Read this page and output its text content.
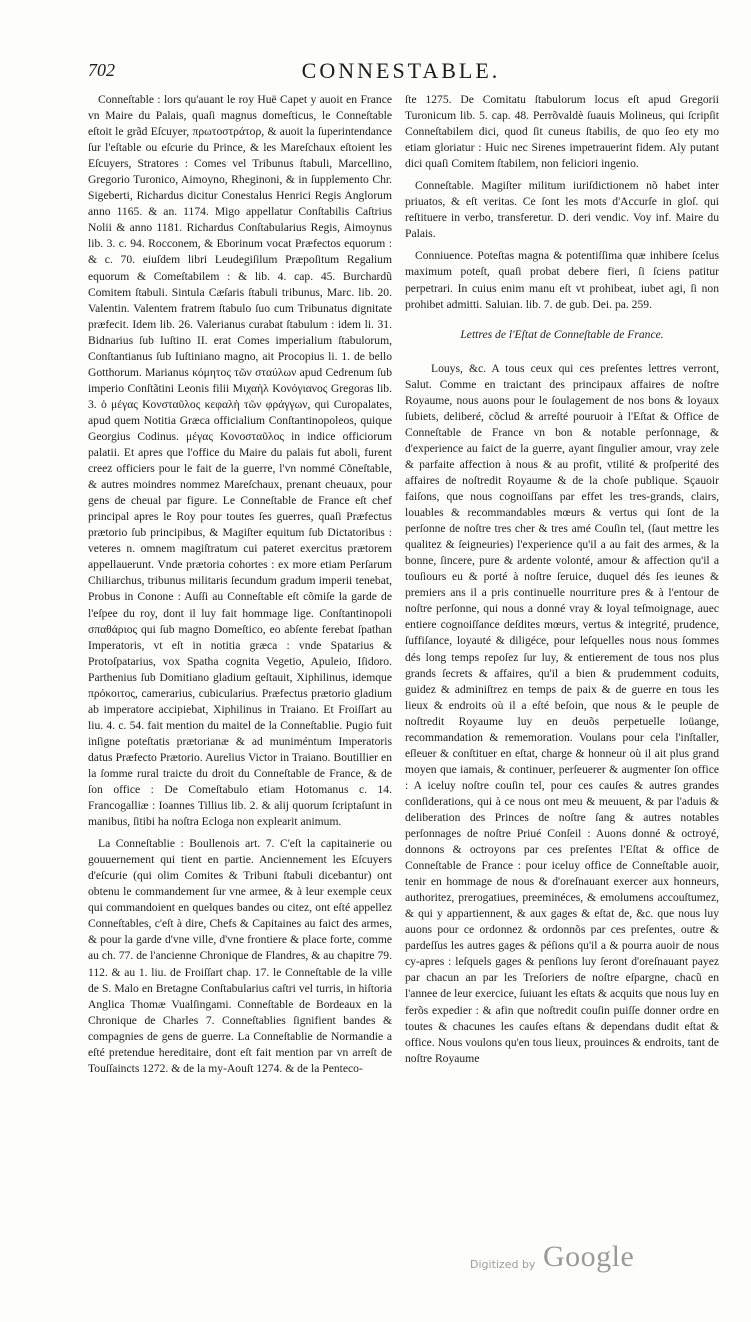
702	CONNESTABLE.

Conneſtable : lors qu'auant le roy Huë Capet y auoit en France vn Maire du Palais, quaſi magnus domeſticus, le Conneſtable eſtoit le grãd Eſcuyer, πρωτοστράτορ, & auoit la ſuperintendance ſur l'eſtable ou eſcurie du Prince, & les Mareſchaux eſtoient les Eſcuyers, Stratores : Comes vel Tribunus ſtabuli, Marcellino, Gregorio Turonico, Aimoyno, Rheginoni, & in ſupplemento Chr. Sigeberti, Richardus dicitur Conestalus Henrici Regis Anglorum anno 1165. & an. 1174. Migo appellatur Conſtabilis Caſtrius Nolii & anno 1181. Richardus Conſtabularius Regis, Aimoynus lib. 3. c. 94. Rocconem, & Eborinum vocat Præfectos equorum : & c. 70. eiuſdem libri Leudegiſilum Præpoſitum Regalium equorum & Comeſtabilem : & lib. 4. cap. 45. Burchardũ Comitem ſtabuli. Sintula Cæſaris ſtabuli tribunus, Marc. lib. 20. Valentin. Valentem fratrem ſtabulo ſuo cum Tribunatus dignitate præfecit. Idem lib. 26. Valerianus curabat ſtabulum : idem li. 31. Bidnarius ſub Iuſtino II. erat Comes imperialium ſtabulorum, Conſtantianus ſub Iuſtiniano magno, ait Procopius li. 1. de bello Gotthorum. Marianus κόμητος τῶν σταύλων apud Cedrenum ſub imperio Conſtãtini Leonis filii Μιχαὴλ Κονόγιανος Gregoras lib. 3. ὁ μέγας Κονσταῦλος κεφαλὴ τῶν φράγγων, qui Curopalates, apud quem Notitia Græca officialium Conſtantinopoleos, quique Georgius Codinus. μέγας Κονοσταῦλος in indice officiorum palatii. Et apres que l'office du Maire du palais fut aboli, furent creez officiers pour le fait de la guerre, l'vn nommé Cõneſtable, & autres moindres nommez Mareſchaux, prenant cheuaux, pour gens de cheual par figure. Le Conneſtable de France eſt chef principal apres le Roy pour toutes ſes guerres, quaſi Præfectus prætorio ſub principibus, & Magiſter equitum ſub Dictatoribus : veteres n. omnem magiſtratum cui pateret exercitus prætorem appellauerunt. Vnde prætoria cohortes : ex more etiam Perſarum Chiliarchus, tribunus militaris ſecundum gradum imperii tenebat, Probus in Conone : Auſſi au Conneſtable eſt cõmiſe la garde de l'eſpee du roy, dont il luy fait hommage lige. Conſtantinopoli σπαθάριος qui ſub magno Domeſtico, eo abſente ferebat ſpathan Imperatoris, vt eſt in notitia græca : vnde Spatarius & Protoſpatarius, vox Spatha cognita Vegetio, Apuleio, Iſidoro. Parthenius ſub Domitiano gladium geſtauit, Xiphilinus, idemque πρόκοιτος, camerarius, cubicularius. Præfectus prætorio gladium ab imperatore accipiebat, Xiphilinus in Traiano. Et Froiſſart au liu. 4. c. 54. fait mention du maitel de la Conneſtablie. Pugio fuit inſigne poteſtatis prætorianæ & ad muniméntum Imperatoris datus Præfecto Prætorio. Aurelius Victor in Traiano. Boutillier en la ſomme rural traicte du droit du Conneſtable de France, & de ſon office : De Comeſtabulo etiam Hotomanus c. 14. Francogalliæ : Ioannes Tillius lib. 2. & alij quorum ſcriptaſunt in manibus, ſitibi ha noſtra Ecloga non explearit animum.

La Conneſtablie : Boullenois art. 7. C'eſt la capitainerie ou gouuernement qui tient en partie. Anciennement les Eſcuyers d'eſcurie (qui olim Comites & Tribuni ſtabuli dicebantur) ont obtenu le commandement ſur vne armee, & à leur exemple ceux qui commandoient en quelques bandes ou citez, ont eſté appellez Conneſtables, c'eſt à dire, Chefs & Capitaines au faict des armes, & pour la garde d'vne ville, d'vne frontiere & place forte, comme au ch. 77. de l'ancienne Chronique de Flandres, & au chapitre 79. 112. & au 1. liu. de Froiſſart chap. 17. le Conneſtable de la ville de S. Malo en Bretagne Conſtabularius caſtri vel turris, in hiſtoria Anglica Thomæ Vualſingami. Conneſtable de Bordeaux en la Chronique de Charles 7. Conneſtablies ſignifient bandes & compagnies de gens de guerre. La Conneſtablie de Normandie a eſté pretendue hereditaire, dont eſt fait mention par vn arreſt de Touſſaincts 1272. & de la my-Aouſt 1274. & de la Penteco-

ſte 1275. De Comitatu ſtabulorum locus eſt apud Gregorii Turonicum lib. 5. cap. 48. Perrõvaldè ſuauis Molineus, qui ſcripſit Conneſtabilem dici, quod ſit cuneus ſtabilis, de quo ſeo ety mo etiam gloriatur : Huic nec Sirenes impetrauerint fidem. Aly putant dici quaſi Comitem ſtabilem, non feliciori ingenio.

Conneſtable. Magiſter militum iuriſdictionem nõ habet inter priuatos, & eſt veritas. Ce ſont les mots d'Accurſe in gloſ. qui reſtituere in verbo, transferetur. D. deri vendic. Voy inf. Maire du Palais.

Conniuence. Poteſtas magna & potentiſſima quæ inhibere ſcelus maximum poteſt, quaſi probat debere fieri, ſi ſciens patitur perpetrari. In cuius enim manu eſt vt prohibeat, iubet agi, ſi non prohibet admitti. Saluian. lib. 7. de gub. Dei. pa. 259.

Lettres de l'Eſtat de Conneſtable de France.

Louys, &c. A tous ceux qui ces preſentes lettres verront, Salut. Comme en traictant des principaux affaires de noſtre Royaume, nous auons pour le ſoulagement de nos bons & loyaux ſubiets, deliberé, cõclud & arreſté pouruoir à l'Eſtat & Office de Conneſtable de France vn bon & notable perſonnage, & d'experience au faict de la guerre, ayant ſingulier amour, vray zele & parfaite affection à nous & au profit, vtilité & proſperité des affaires de noſtredit Royaume & de la choſe publique. Sçauoir faiſons, que nous cognoiſſans par effet les tres-grands, clairs, louables & recommandables mœurs & vertus qui ſont de la perſonne de noſtre tres cher & tres amé Couſin tel, (ſaut mettre les qualitez & ſeigneuries) l'experience qu'il a au fait des armes, & la bonne, ſincere, pure & ardente volonté, amour & affection qu'il a touſiours eu & porté à noſtre ſeruice, duquel dés ſes ieunes & premiers ans il a pris continuelle nourriture pres & à l'entour de noſtre perſonne, qui nous a donné vray & loyal teſmoignage, auec entiere cognoiſſance deſdites mœurs, vertus & integrité, prudence, ſuffiſance, loyauté & diligéce, pour leſquelles nous nous ſommes dés long temps repoſez ſur luy, & entierement de tous nos plus grands ſecrets & affaires, qu'il a bien & prudemment coduits, guidez & adminiſtrez en temps de paix & de guerre en tous les lieux & endroits où il a eſté beſoin, que nous & le peuple de noſtredit Royaume luy en deuõs perpetuelle loüange, recommandation & rememoration. Voulans pour cela l'inſtaller, eſleuer & conſtituer en eſtat, charge & honneur où il ait plus grand moyen que iamais, & continuer, perſeuerer & augmenter ſon office : A iceluy noſtre couſin tel, pour ces cauſes & autres grandes conſiderations, qui à ce nous ont meu & meuuent, & par l'aduis & deliberation des Princes de noſtre ſang & autres notables perſonnages de noſtre Priué Conſeil : Auons donné & octroyé, donnons & octroyons par ces preſentes l'Eſtat & office de Conneſtable de France : pour iceluy office de Conneſtable auoir, tenir en hommage de nous & d'oreſnauant exercer aux honneurs, authoritez, prerogatiues, preeminéces, & emolumens accouſtumez, & qui y appartiennent, & aux gages & eſtat de, &c. que nous luy auons pour ce ordonnez & ordonnõs par ces preſentes, outre & pardeſſus les autres gages & péſions qu'il a & pourra auoir de nous cy-apres : leſquels gages & penſions luy ſeront d'oreſnauant payez par chacun an par les Treſoriers de noſtre eſpargne, chacũ en l'annee de leur exercice, ſuiuant les eſtats & acquits que nous luy en ferõs expedier : & afin que noſtredit couſin puiſſe donner ordre en toutes & chacunes les cauſes eſtans & dependans dudit eſtat & office. Nous voulons qu'en tous lieux, prouinces & endroits, tant de noſtre Royaume

Digitized by Google
